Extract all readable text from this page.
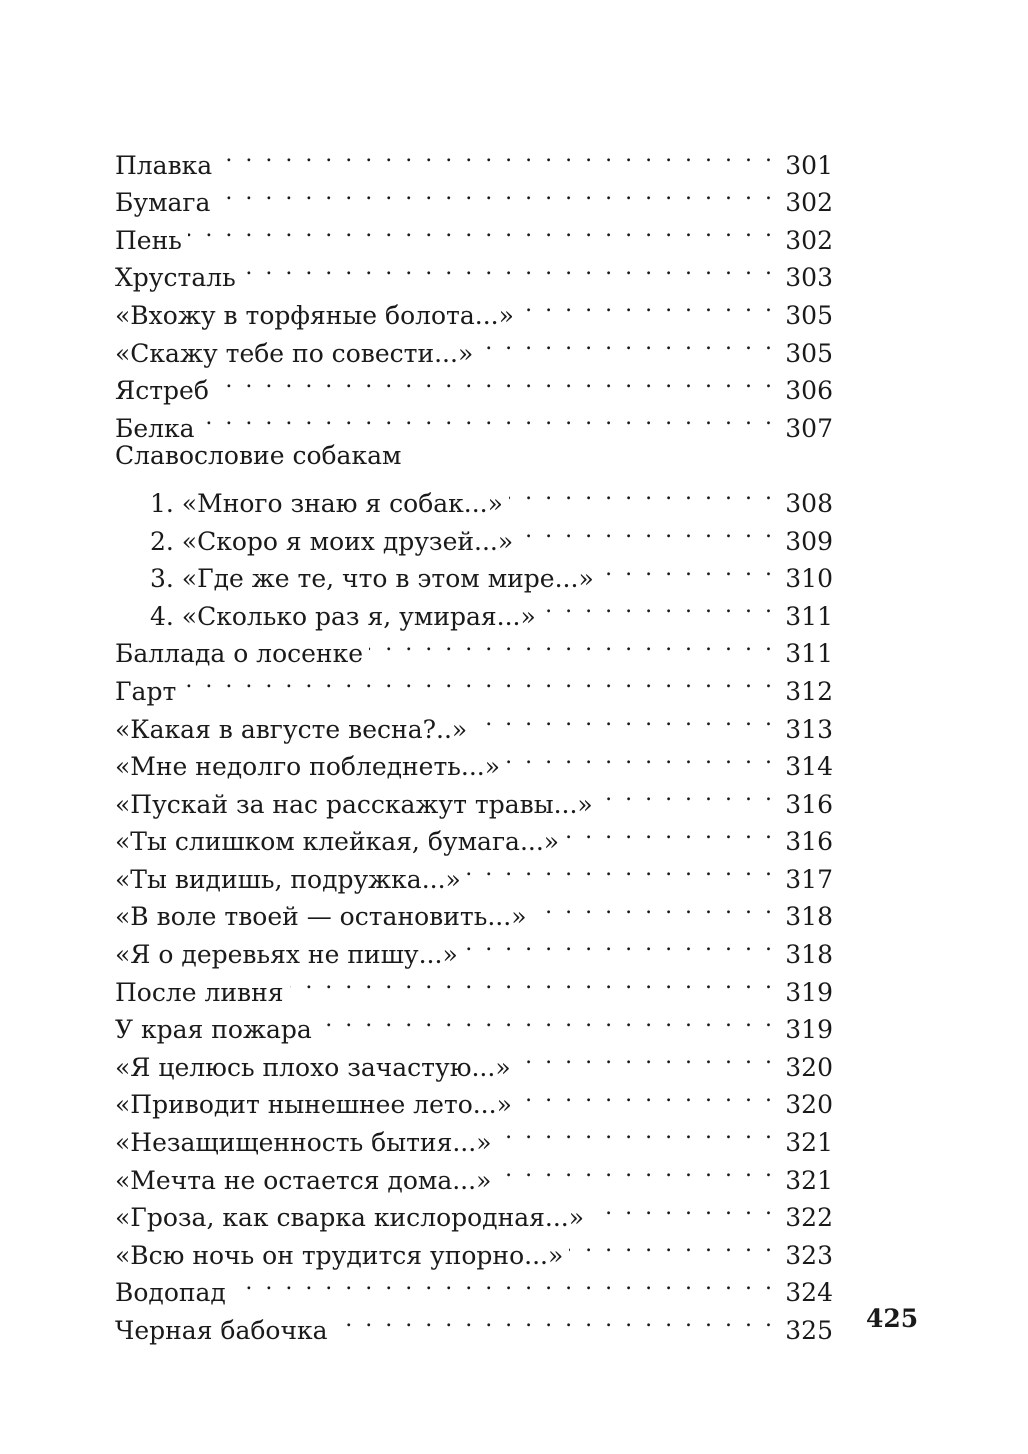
Плавка . . .	301
Бумага . . .	302
Пень . . .	302
Хрусталь . . .	303
«Вхожу в торфяные болота...» . . .	305
«Скажу тебе по совести...» . . .	305
Ястреб . . .	306
Белка . . .	307
Славословие собакам
1. «Много знаю я собак...» . . .	308
2. «Скоро я моих друзей...» . . .	309
3. «Где же те, что в этом мире...» . . .	310
4. «Сколько раз я, умирая...» . . .	311
Баллада о лосенке . . .	311
Гарт . . .	312
«Какая в августе весна?..» . . .	313
«Мне недолго побледнеть...» . . .	314
«Пускай за нас расскажут травы...» . . .	316
«Ты слишком клейкая, бумага...» . . .	316
«Ты видишь, подружка...» . . .	317
«В воле твоей — остановить...» . . .	318
«Я о деревьях не пишу...» . . .	318
После ливня . . .	319
У края пожара . . .	319
«Я целюсь плохо зачастую...» . . .	320
«Приводит нынешнее лето...» . . .	320
«Незащищенность бытия...» . . .	321
«Мечта не остается дома...» . . .	321
«Гроза, как сварка кислородная...» . . .	322
«Всю ночь он трудится упорно...» . . .	323
Водопад . . .	324
Черная бабочка . . .	325 425
